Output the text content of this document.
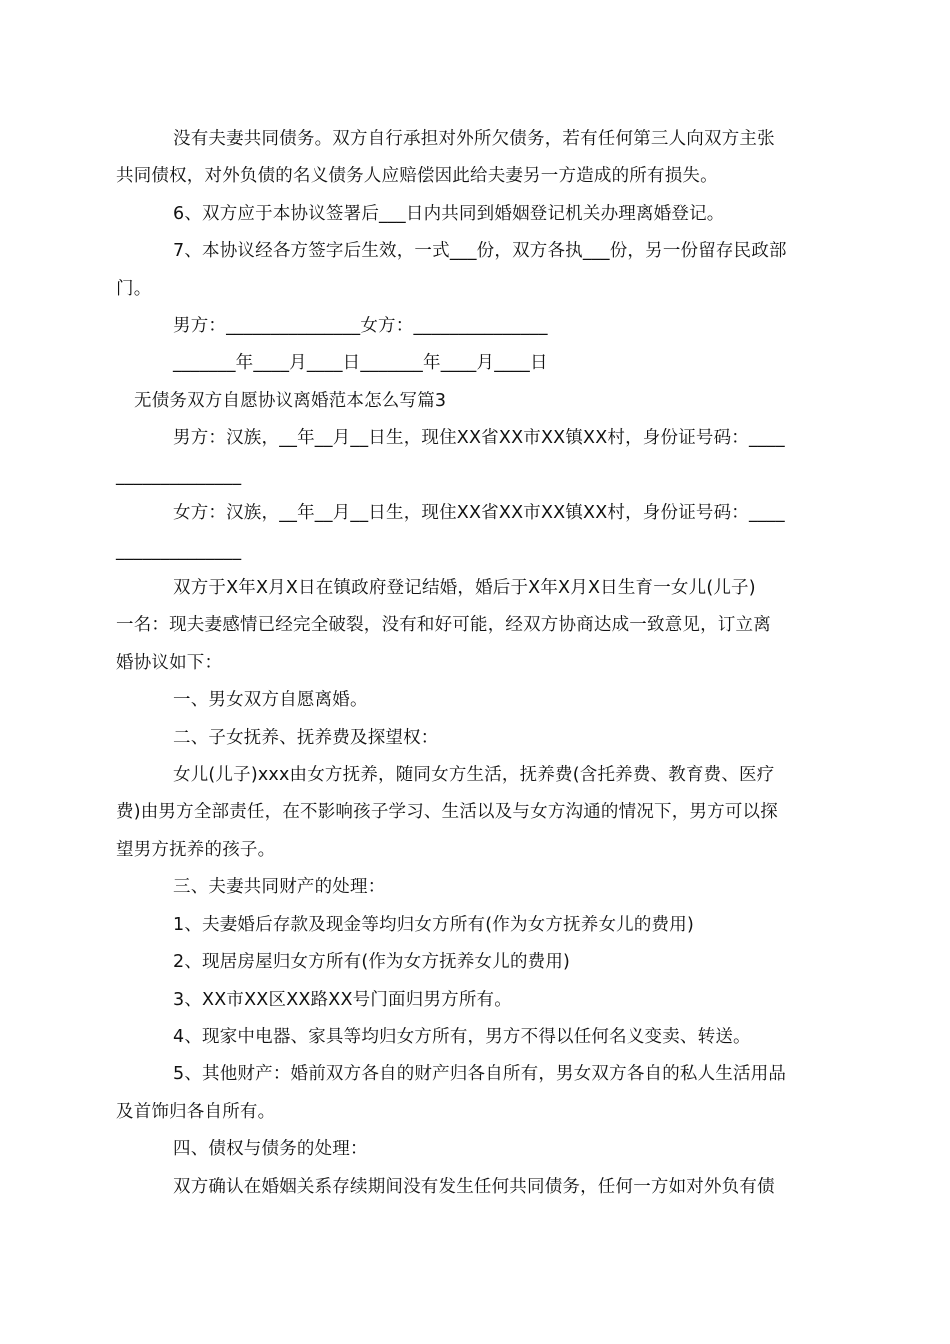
没有夫妻共同债务。双方自行承担对外所欠债务，若有任何第三人向双方主张
共同债权，对外负债的名义债务人应赔偿因此给夫妻另一方造成的所有损失。
6、双方应于本协议签署后___日内共同到婚姻登记机关办理离婚登记。
7、本协议经各方签字后生效，一式___份，双方各执___份，另一份留存民政部
门。
男方：_______________女方：_______________
_______年____月____日_______年____月____日
无债务双方自愿协议离婚范本怎么写篇3
男方：汉族，__年__月__日生，现住XX省XX市XX镇XX村，身份证号码：____
______________
女方：汉族，__年__月__日生，现住XX省XX市XX镇XX村，身份证号码：____
______________
双方于X年X月X日在镇政府登记结婚，婚后于X年X月X日生育一女儿(儿子)
一名：现夫妻感情已经完全破裂，没有和好可能，经双方协商达成一致意见，订立离
婚协议如下：
一、男女双方自愿离婚。
二、子女抚养、抚养费及探望权：
女儿(儿子)xxx由女方抚养，随同女方生活，抚养费(含托养费、教育费、医疗
费)由男方全部责任，在不影响孩子学习、生活以及与女方沟通的情况下，男方可以探
望男方抚养的孩子。
三、夫妻共同财产的处理：
1、夫妻婚后存款及现金等均归女方所有(作为女方抚养女儿的费用)
2、现居房屋归女方所有(作为女方抚养女儿的费用)
3、XX市XX区XX路XX号门面归男方所有。
4、现家中电器、家具等均归女方所有，男方不得以任何名义变卖、转送。
5、其他财产：婚前双方各自的财产归各自所有，男女双方各自的私人生活用品
及首饰归各自所有。
四、债权与债务的处理：
双方确认在婚姻关系存续期间没有发生任何共同债务，任何一方如对外负有债
